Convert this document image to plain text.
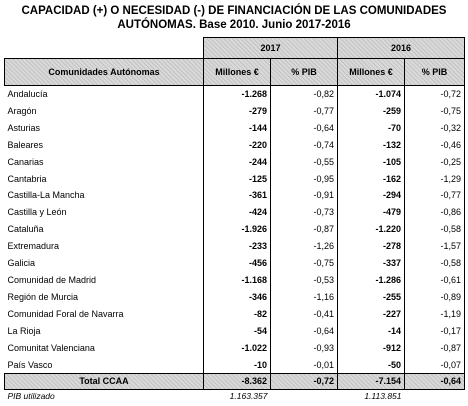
CAPACIDAD (+) O NECESIDAD (-) DE FINANCIACIÓN DE LAS COMUNIDADES
AUTÓNOMAS. Base 2010. Junio 2017-2016
	2017		2016	
Comunidades Autónomas	Millones €	% PIB	Millones €	% PIB
Andalucía	-1.268	-0,82	-1.074	-0,72
Aragón	-279	-0,77	-259	-0,75
Asturias	-144	-0,64	-70	-0,32
Baleares	-220	-0,74	-132	-0,46
Canarias	-244	-0,55	-105	-0,25
Cantabria	-125	-0,95	-162	-1,29
Castilla-La Mancha	-361	-0,91	-294	-0,77
Castilla y León	-424	-0,73	-479	-0,86
Cataluña	-1.926	-0,87	-1.220	-0,58
Extremadura	-233	-1,26	-278	-1,57
Galicia	-456	-0,75	-337	-0,58
Comunidad de Madrid	-1.168	-0,53	-1.286	-0,61
Región de Murcia	-346	-1,16	-255	-0,89
Comunidad Foral de Navarra	-82	-0,41	-227	-1,19
La Rioja	-54	-0,64	-14	-0,17
Comunitat Valenciana	-1.022	-0,93	-912	-0,87
País Vasco	-10	-0,01	-50	-0,07
Total CCAA	-8.362	-0,72	-7.154	-0,64
PIB utilizado	1.163.357		1.113.851	
